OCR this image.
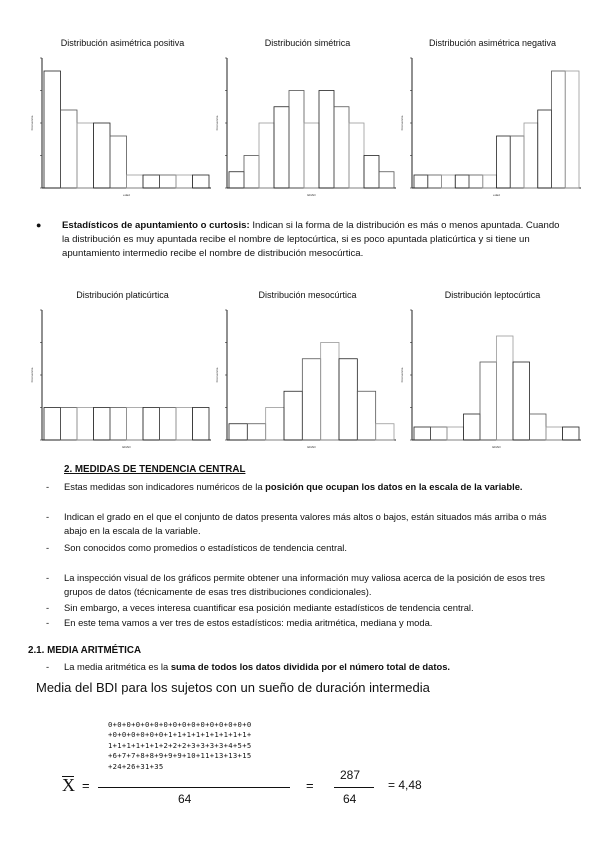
Distribución asimétrica positiva
edad
Frecuencia
Distribución simétrica
EDAD
Frecuencia
Distribución asimétrica negativa
edad
Frecuencia
● Estadísticos de apuntamiento o curtosis: Indican si la forma de la distribución es más o menos apuntada. Cuando la distribución es muy apuntada recibe el nombre de leptocúrtica, si es poco apuntada platicúrtica y si tiene un apuntamiento intermedio recibe el nombre de distribución mesocúrtica.
Distribución platicúrtica
EDAD
Frecuencia
Distribución mesocúrtica
EDAD
Frecuencia
Distribución leptocúrtica
EDAD
Frecuencia
2. MEDIDAS DE TENDENCIA CENTRAL
- Estas medidas son indicadores numéricos de la posición que ocupan los datos en la escala de la variable.
- Indican el grado en el que el conjunto de datos presenta valores más altos o bajos, están situados más arriba o más abajo en la escala de la variable.
- Son conocidos como promedios o estadísticos de tendencia central.
- La inspección visual de los gráficos permite obtener una información muy valiosa acerca de la posición de esos tres grupos de datos (técnicamente de esas tres distribuciones condicionales).
- Sin embargo, a veces interesa cuantificar esa posición mediante estadísticos de tendencia central.
- En este tema vamos a ver tres de estos estadísticos: media aritmética, mediana y moda.
2.1. MEDIA ARITMÉTICA
- La media aritmética es la suma de todos los datos dividida por el número total de datos.
Media del BDI para los sujetos con un sueño de duración intermedia
0+0+0+0+0+0+0+0+0+0+0+0+0+0+0+0
+0+0+0+0+0+0+1+1+1+1+1+1+1+1+1+
1+1+1+1+1+1+2+2+2+3+3+3+3+4+5+5
+6+7+7+8+8+9+9+9+10+11+13+13+15
+24+26+31+35
X =
64
=
287
64
= 4,48
